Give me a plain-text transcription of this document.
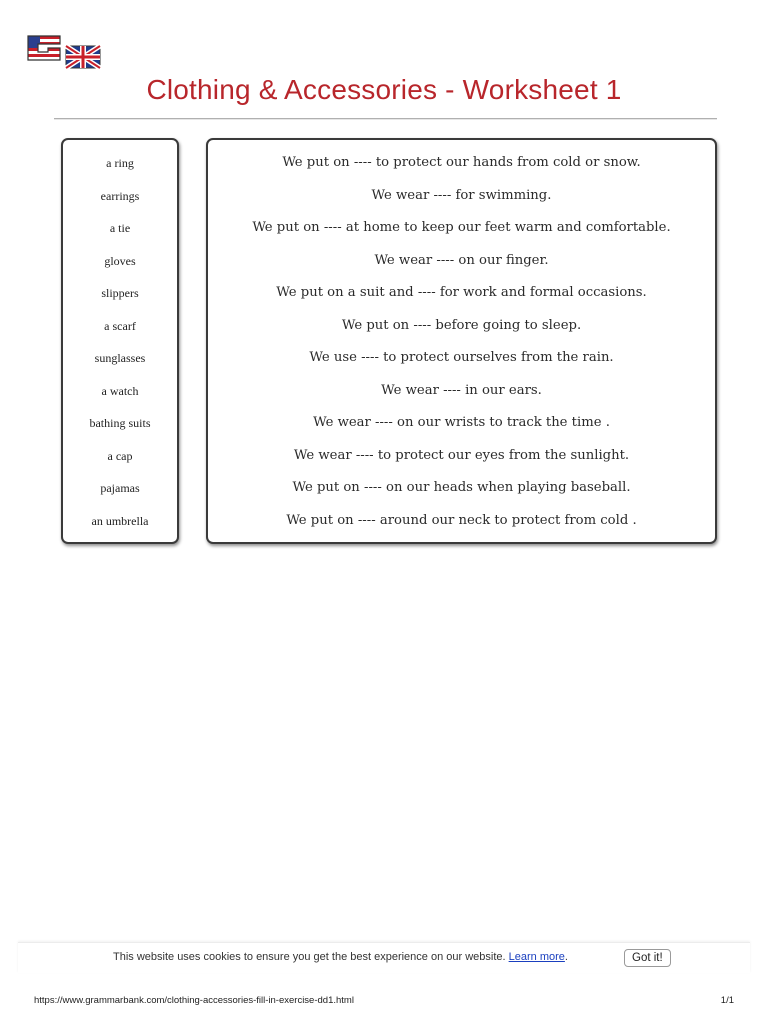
Clothing & Accessories - Worksheet 1
a ring
earrings
a tie
gloves
slippers
a scarf
sunglasses
a watch
bathing suits
a cap
pajamas
an umbrella
We put on ---- to protect our hands from cold or snow.
We wear ---- for swimming.
We put on ---- at home to keep our feet warm and comfortable.
We wear ---- on our finger.
We put on a suit and ---- for work and formal occasions.
We put on ---- before going to sleep.
We use ---- to protect ourselves from the rain.
We wear ---- in our ears.
We wear ---- on our wrists to track the time .
We wear ---- to protect our eyes from the sunlight.
We put on ---- on our heads when playing baseball.
We put on ---- around our neck to protect from cold .
This website uses cookies to ensure you get the best experience on our website. Learn more.	Got it!
https://www.grammarbank.com/clothing-accessories-fill-in-exercise-dd1.html	1/1
